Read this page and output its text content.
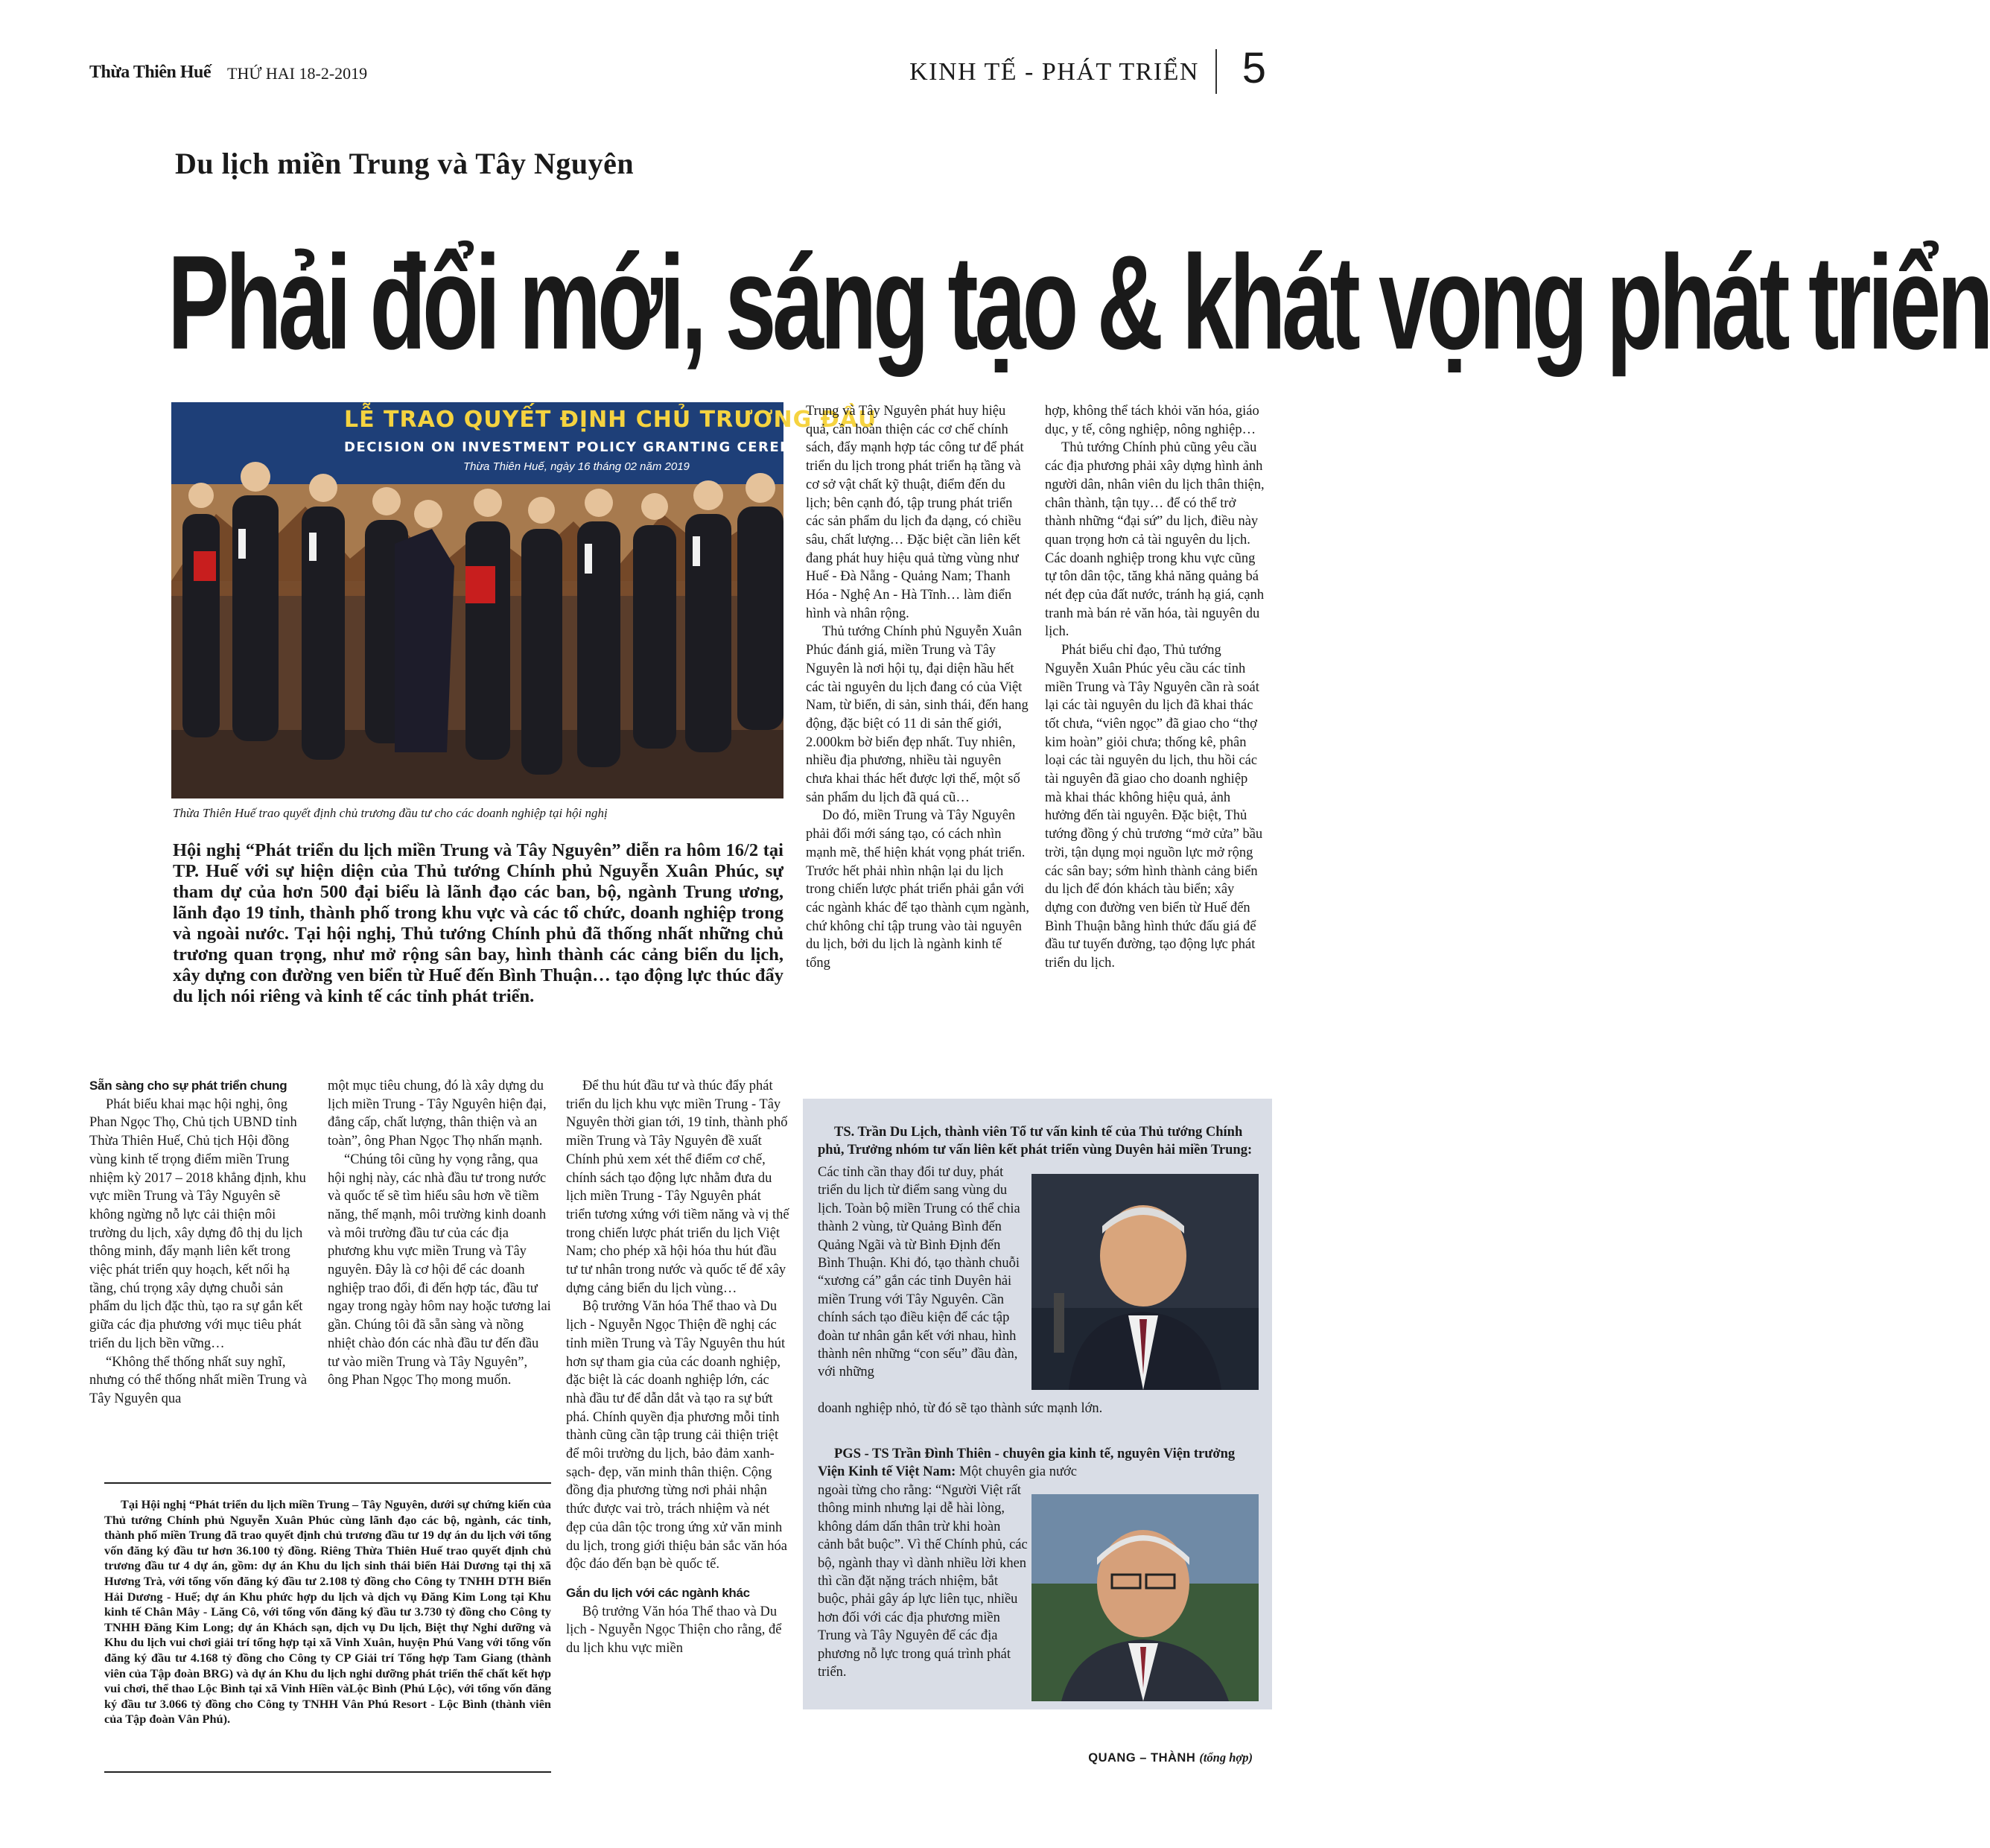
Thừa Thiên Huế THỨ HAI 18-2-2019	KINH TẾ - PHÁT TRIỂN 5
Du lịch miền Trung và Tây Nguyên
Phải đổi mới, sáng tạo & khát vọng phát triển
LỄ TRAO QUYẾT ĐỊNH CHỦ TRƯƠNG ĐẦU
DECISION ON INVESTMENT POLICY GRANTING CEREM
Thừa Thiên Huế, ngày 16 tháng 02 năm 2019
Thừa Thiên Huế trao quyết định chủ trương đầu tư cho các doanh nghiệp tại hội nghị

Hội nghị “Phát triển du lịch miền Trung và Tây Nguyên” diễn ra hôm 16/2 tại TP. Huế với sự hiện diện của Thủ tướng Chính phủ Nguyễn Xuân Phúc, sự tham dự của hơn 500 đại biểu là lãnh đạo các ban, bộ, ngành Trung ương, lãnh đạo 19 tỉnh, thành phố trong khu vực và các tổ chức, doanh nghiệp trong và ngoài nước. Tại hội nghị, Thủ tướng Chính phủ đã thống nhất những chủ trương quan trọng, như mở rộng sân bay, hình thành các cảng biển du lịch, xây dựng con đường ven biển từ Huế đến Bình Thuận… tạo động lực thúc đẩy du lịch nói riêng và kinh tế các tỉnh phát triển.

Trung và Tây Nguyên phát huy hiệu quả, cần hoàn thiện các cơ chế chính sách, đẩy mạnh hợp tác công tư để phát triển du lịch trong phát triển hạ tầng và cơ sở vật chất kỹ thuật, điểm đến du lịch; bên cạnh đó, tập trung phát triển các sản phẩm du lịch đa dạng, có chiều sâu, chất lượng… Đặc biệt cần liên kết đang phát huy hiệu quả từng vùng như Huế - Đà Nẵng - Quảng Nam; Thanh Hóa - Nghệ An - Hà Tĩnh… làm điển hình và nhân rộng.

Thủ tướng Chính phủ Nguyễn Xuân Phúc đánh giá, miền Trung và Tây Nguyên là nơi hội tụ, đại diện hầu hết các tài nguyên du lịch đang có của Việt Nam, từ biển, di sản, sinh thái, đến hang động, đặc biệt có 11 di sản thế giới, 2.000km bờ biển đẹp nhất. Tuy nhiên, nhiều địa phương, nhiều tài nguyên chưa khai thác hết được lợi thế, một số sản phẩm du lịch đã quá cũ…

Do đó, miền Trung và Tây Nguyên phải đổi mới sáng tạo, có cách nhìn mạnh mẽ, thể hiện khát vọng phát triển. Trước hết phải nhìn nhận lại du lịch trong chiến lược phát triển phải gắn với các ngành khác để tạo thành cụm ngành, chứ không chỉ tập trung vào tài nguyên du lịch, bởi du lịch là ngành kinh tế tổng

hợp, không thể tách khỏi văn hóa, giáo dục, y tế, công nghiệp, nông nghiệp…

Thủ tướng Chính phủ cũng yêu cầu các địa phương phải xây dựng hình ảnh người dân, nhân viên du lịch thân thiện, chân thành, tận tụy… để có thể trở thành những “đại sứ” du lịch, điều này quan trọng hơn cả tài nguyên du lịch. Các doanh nghiệp trong khu vực cũng tự tôn dân tộc, tăng khả năng quảng bá nét đẹp của đất nước, tránh hạ giá, cạnh tranh mà bán rẻ văn hóa, tài nguyên du lịch.

Phát biểu chỉ đạo, Thủ tướng Nguyễn Xuân Phúc yêu cầu các tỉnh miền Trung và Tây Nguyên cần rà soát lại các tài nguyên du lịch đã khai thác tốt chưa, “viên ngọc” đã giao cho “thợ kim hoàn” giỏi chưa; thống kê, phân loại các tài nguyên du lịch, thu hồi các tài nguyên đã giao cho doanh nghiệp mà khai thác không hiệu quả, ảnh hưởng đến tài nguyên. Đặc biệt, Thủ tướng đồng ý chủ trương “mở cửa” bầu trời, tận dụng mọi nguồn lực mở rộng các sân bay; sớm hình thành cảng biển du lịch để đón khách tàu biển; xây dựng con đường ven biển từ Huế đến Bình Thuận bằng hình thức đấu giá để đầu tư tuyến đường, tạo động lực phát triển du lịch.

Sẵn sàng cho sự phát triển chung

Phát biểu khai mạc hội nghị, ông Phan Ngọc Thọ, Chủ tịch UBND tỉnh Thừa Thiên Huế, Chủ tịch Hội đồng vùng kinh tế trọng điểm miền Trung nhiệm kỳ 2017 – 2018 khẳng định, khu vực miền Trung và Tây Nguyên sẽ không ngừng nỗ lực cải thiện môi trường du lịch, xây dựng đô thị du lịch thông minh, đẩy mạnh liên kết trong việc phát triển quy hoạch, kết nối hạ tầng, chú trọng xây dựng chuỗi sản phẩm du lịch đặc thù, tạo ra sự gắn kết giữa các địa phương với mục tiêu phát triển du lịch bền vững…

“Không thể thống nhất suy nghĩ, nhưng có thể thống nhất miền Trung và Tây Nguyên qua

một mục tiêu chung, đó là xây dựng du lịch miền Trung - Tây Nguyên hiện đại, đẳng cấp, chất lượng, thân thiện và an toàn”, ông Phan Ngọc Thọ nhấn mạnh.

“Chúng tôi cũng hy vọng rằng, qua hội nghị này, các nhà đầu tư trong nước và quốc tế sẽ tìm hiểu sâu hơn về tiềm năng, thế mạnh, môi trường kinh doanh và môi trường đầu tư của các địa phương khu vực miền Trung và Tây nguyên. Đây là cơ hội để các doanh nghiệp trao đổi, đi đến hợp tác, đầu tư ngay trong ngày hôm nay hoặc tương lai gần. Chúng tôi đã sẵn sàng và nồng nhiệt chào đón các nhà đầu tư đến đầu tư vào miền Trung và Tây Nguyên”, ông Phan Ngọc Thọ mong muốn.

Để thu hút đầu tư và thúc đẩy phát triển du lịch khu vực miền Trung - Tây Nguyên thời gian tới, 19 tỉnh, thành phố miền Trung và Tây Nguyên đề xuất Chính phủ xem xét thể điểm cơ chế, chính sách tạo động lực nhằm đưa du lịch miền Trung - Tây Nguyên phát triển tương xứng với tiềm năng và vị thế trong chiến lược phát triển du lịch Việt Nam; cho phép xã hội hóa thu hút đầu tư tư nhân trong nước và quốc tế để xây dựng cảng biển du lịch vùng…

Bộ trưởng Văn hóa Thể thao và Du lịch - Nguyễn Ngọc Thiện đề nghị các tỉnh miền Trung và Tây Nguyên thu hút hơn sự tham gia của các doanh nghiệp, đặc biệt là các doanh nghiệp lớn, các nhà đầu tư để dẫn dắt và tạo ra sự bứt phá. Chính quyền địa phương mỗi tỉnh thành cũng cần tập trung cải thiện triệt để môi trường du lịch, bảo đảm xanh- sạch- đẹp, văn minh thân thiện. Cộng đồng địa phương từng nơi phải nhận thức được vai trò, trách nhiệm và nét đẹp của dân tộc trong ứng xử văn minh du lịch, trong giới thiệu bản sắc văn hóa độc đáo đến bạn bè quốc tế.

Gắn du lịch với các ngành khác

Bộ trưởng Văn hóa Thể thao và Du lịch - Nguyễn Ngọc Thiện cho rằng, để du lịch khu vực miền

Tại Hội nghị “Phát triển du lịch miền Trung – Tây Nguyên, dưới sự chứng kiến của Thủ tướng Chính phủ Nguyễn Xuân Phúc cùng lãnh đạo các bộ, ngành, các tỉnh, thành phố miền Trung đã trao quyết định chủ trương đầu tư 19 dự án du lịch với tổng vốn đăng ký đầu tư hơn 36.100 tỷ đồng. Riêng Thừa Thiên Huế trao quyết định chủ trương đầu tư 4 dự án, gồm: dự án Khu du lịch sinh thái biển Hải Dương tại thị xã Hương Trà, với tổng vốn đăng ký đầu tư 2.108 tỷ đồng cho Công ty TNHH DTH Biển Hải Dương - Huế; dự án Khu phức hợp du lịch và dịch vụ Đăng Kim Long tại Khu kinh tế Chân Mây - Lăng Cô, với tổng vốn đăng ký đầu tư 3.730 tỷ đồng cho Công ty TNHH Đăng Kim Long; dự án Khách sạn, dịch vụ Du lịch, Biệt thự Nghỉ dưỡng và Khu du lịch vui chơi giải trí tổng hợp tại xã Vinh Xuân, huyện Phú Vang với tổng vốn đăng ký đầu tư 4.168 tỷ đồng cho Công ty CP Giải trí Tổng hợp Tam Giang (thành viên của Tập đoàn BRG) và dự án Khu du lịch nghỉ dưỡng phát triển thể chất kết hợp vui chơi, thể thao Lộc Bình tại xã Vinh Hiền vàLộc Bình (Phú Lộc), với tổng vốn đăng ký đầu tư 3.066 tỷ đồng cho Công ty TNHH Vân Phú Resort - Lộc Bình (thành viên của Tập đoàn Vân Phú).

TS. Trần Du Lịch, thành viên Tổ tư vấn kinh tế của Thủ tướng Chính phủ, Trưởng nhóm tư vấn liên kết phát triển vùng Duyên hải miền Trung:

Các tỉnh cần thay đổi tư duy, phát triển du lịch từ điểm sang vùng du lịch. Toàn bộ miền Trung có thể chia thành 2 vùng, từ Quảng Bình đến Quảng Ngãi và từ Bình Định đến Bình Thuận. Khi đó, tạo thành chuỗi “xương cá” gắn các tỉnh Duyên hải miền Trung với Tây Nguyên. Cần chính sách tạo điều kiện để các tập đoàn tư nhân gắn kết với nhau, hình thành nên những “con sếu” đầu đàn, với những

doanh nghiệp nhỏ, từ đó sẽ tạo thành sức mạnh lớn.

PGS - TS Trần Đình Thiên - chuyên gia kinh tế, nguyên Viện trưởng Viện Kinh tế Việt Nam: Một chuyên gia nước

ngoài từng cho rằng: “Người Việt rất thông minh nhưng lại dễ hài lòng, không dám dấn thân trừ khi hoàn cảnh bắt buộc”. Vì thế Chính phủ, các bộ, ngành thay vì dành nhiều lời khen thì cần đặt nặng trách nhiệm, bắt buộc, phải gây áp lực liên tục, nhiều hơn đối với các địa phương miền Trung và Tây Nguyên để các địa phương nỗ lực trong quá trình phát triển.

QUANG – THÀNH (tổng hợp)
